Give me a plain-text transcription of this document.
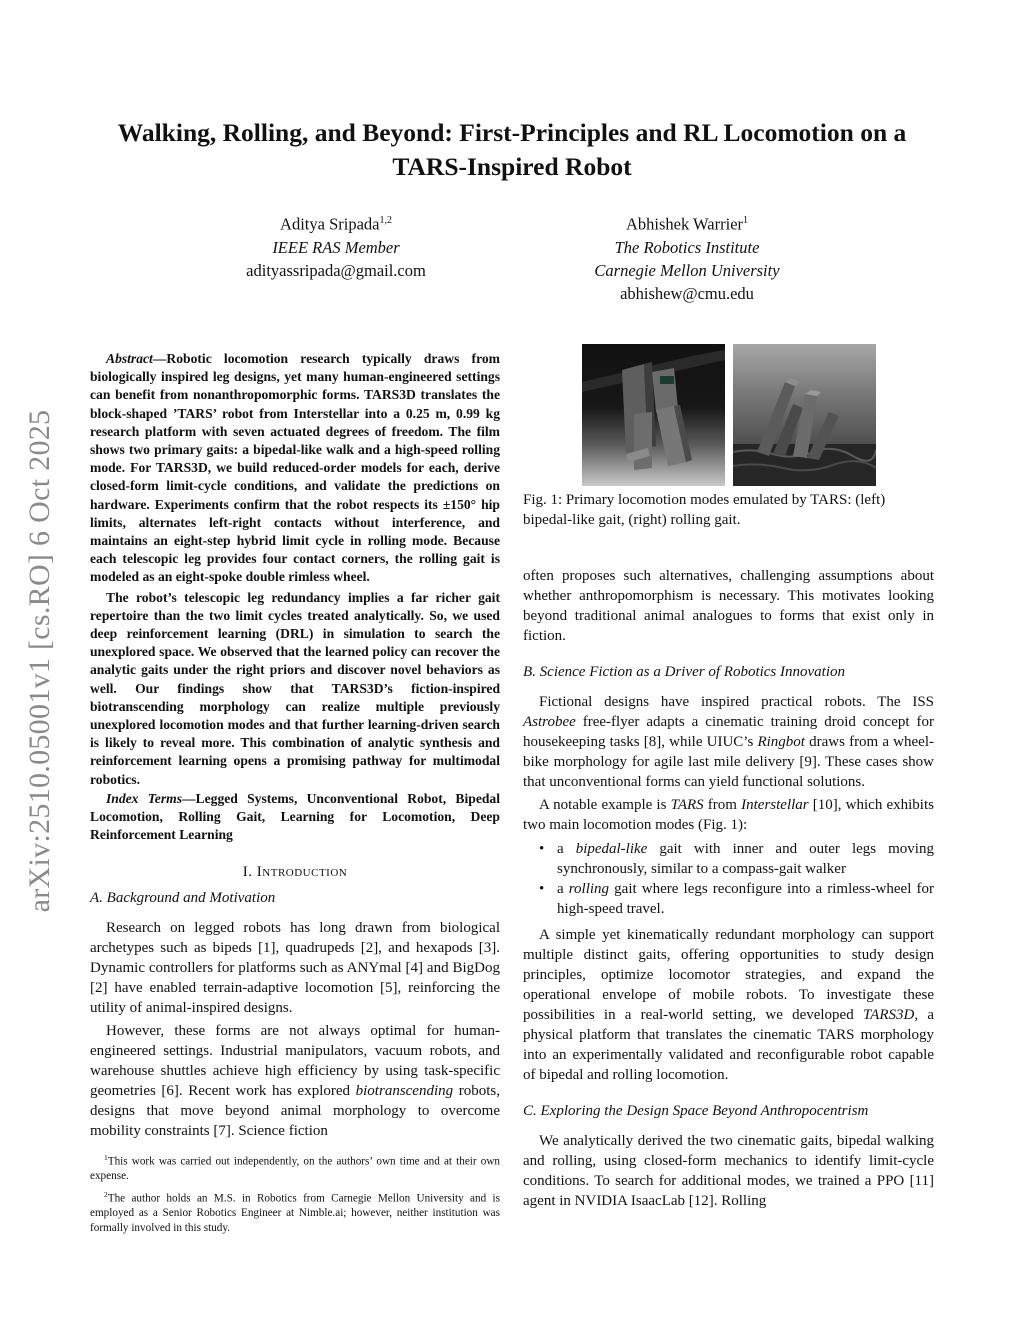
Walking, Rolling, and Beyond: First-Principles and RL Locomotion on a TARS-Inspired Robot
Aditya Sripada$^{1,2}$
IEEE RAS Member
adityassripada@gmail.com
Abhishek Warrier$^1$
The Robotics Institute
Carnegie Mellon University
abhishew@cmu.edu
arXiv:2510.05001v1 [cs.RO] 6 Oct 2025

Abstract—Robotic locomotion research typically draws from biologically inspired leg designs, yet many human-engineered settings can benefit from nonanthropomorphic forms. TARS3D translates the block-shaped ’TARS’ robot from Interstellar into a 0.25 m, 0.99 kg research platform with seven actuated degrees of freedom. The film shows two primary gaits: a bipedal-like walk and a high-speed rolling mode. For TARS3D, we build reduced-order models for each, derive closed-form limit-cycle conditions, and validate the predictions on hardware. Experiments confirm that the robot respects its ±150° hip limits, alternates left-right contacts without interference, and maintains an eight-step hybrid limit cycle in rolling mode. Because each telescopic leg provides four contact corners, the rolling gait is modeled as an eight-spoke double rimless wheel.

The robot’s telescopic leg redundancy implies a far richer gait repertoire than the two limit cycles treated analytically. So, we used deep reinforcement learning (DRL) in simulation to search the unexplored space. We observed that the learned policy can recover the analytic gaits under the right priors and discover novel behaviors as well. Our findings show that TARS3D’s fiction-inspired biotranscending morphology can realize multiple previously unexplored locomotion modes and that further learning-driven search is likely to reveal more. This combination of analytic synthesis and reinforcement learning opens a promising pathway for multimodal robotics.

Index Terms—Legged Systems, Unconventional Robot, Bipedal Locomotion, Rolling Gait, Learning for Locomotion, Deep Reinforcement Learning

I. Introduction
A. Background and Motivation

Research on legged robots has long drawn from biological archetypes such as bipeds [1], quadrupeds [2], and hexapods [3]. Dynamic controllers for platforms such as ANYmal [4] and BigDog [2] have enabled terrain-adaptive locomotion [5], reinforcing the utility of animal-inspired designs.

However, these forms are not always optimal for human-engineered settings. Industrial manipulators, vacuum robots, and warehouse shuttles achieve high efficiency by using task-specific geometries [6]. Recent work has explored biotranscending robots, designs that move beyond animal morphology to overcome mobility constraints [7]. Science fiction

$^1$This work was carried out independently, on the authors’ own time and at their own expense.

$^2$The author holds an M.S. in Robotics from Carnegie Mellon University and is employed as a Senior Robotics Engineer at Nimble.ai; however, neither institution was formally involved in this study.

Fig. 1: Primary locomotion modes emulated by TARS: (left) bipedal-like gait, (right) rolling gait.

often proposes such alternatives, challenging assumptions about whether anthropomorphism is necessary. This motivates looking beyond traditional animal analogues to forms that exist only in fiction.

B. Science Fiction as a Driver of Robotics Innovation

Fictional designs have inspired practical robots. The ISS Astrobee free-flyer adapts a cinematic training droid concept for housekeeping tasks [8], while UIUC’s Ringbot draws from a wheel-bike morphology for agile last mile delivery [9]. These cases show that unconventional forms can yield functional solutions.

A notable example is TARS from Interstellar [10], which exhibits two main locomotion modes (Fig. 1):

• a bipedal-like gait with inner and outer legs moving synchronously, similar to a compass-gait walker
• a rolling gait where legs reconfigure into a rimless-wheel for high-speed travel.

A simple yet kinematically redundant morphology can support multiple distinct gaits, offering opportunities to study design principles, optimize locomotor strategies, and expand the operational envelope of mobile robots. To investigate these possibilities in a real-world setting, we developed TARS3D, a physical platform that translates the cinematic TARS morphology into an experimentally validated and reconfigurable robot capable of bipedal and rolling locomotion.

C. Exploring the Design Space Beyond Anthropocentrism

We analytically derived the two cinematic gaits, bipedal walking and rolling, using closed-form mechanics to identify limit-cycle conditions. To search for additional modes, we trained a PPO [11] agent in NVIDIA IsaacLab [12]. Rolling
